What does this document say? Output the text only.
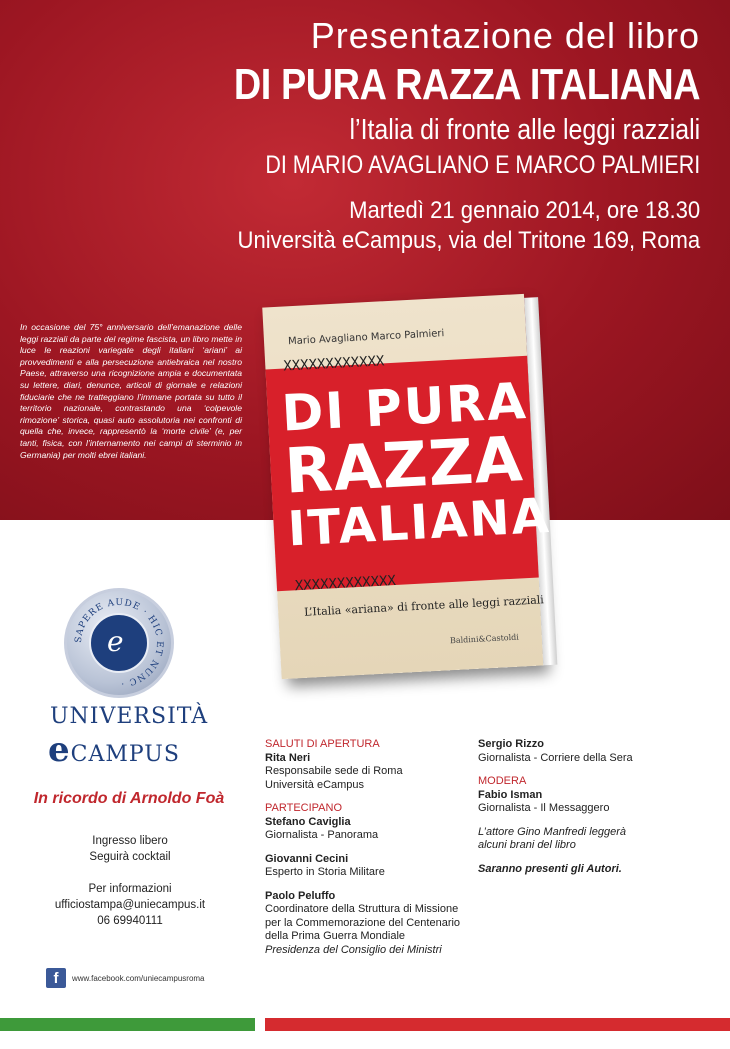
Presentazione del libro
DI PURA RAZZA ITALIANA
l’Italia di fronte alle leggi razziali
DI MARIO AVAGLIANO E MARCO PALMIERI
Martedì 21 gennaio 2014, ore 18.30
Università eCampus, via del Tritone 169, Roma
In occasione del 75° anniversario dell’emanazione delle leggi razziali da parte del regime fascista, un libro mette in luce le reazioni variegate degli italiani ‘ariani’ ai provvedimenti e alla persecuzione antiebraica nel nostro Paese, attraverso una ricognizione ampia e documentata su lettere, diari, denunce, articoli di giornale e relazioni fiduciarie che ne tratteggiano l’immane portata su tutto il territorio nazionale, contrastando una ‘colpevole rimozione’ storica, quasi auto assolutoria nei confronti di quella che, invece, rappresentò la ‘morte civile’ (e, per tanti, fisica, con l’internamento nei campi di sterminio in Germania) per molti ebrei italiani.
Mario Avagliano Marco Palmieri
XXXXXXXXXXXX
DI PURA
RAZZA
ITALIANA
XXXXXXXXXXXX
L’Italia «ariana» di fronte alle leggi razziali
Baldini&Castoldi
SAPERE AUDE · HIC ET NUNC ·
ℯ
UNIVERSITÀ
eCAMPUS
In ricordo di Arnoldo Foà
Ingresso libero
Seguirà cocktail
Per informazioni
ufficiostampa@uniecampus.it
06 69940111
f	www.facebook.com/uniecampusroma
SALUTI DI APERTURA
Rita Neri
Responsabile sede di Roma
Università eCampus
PARTECIPANO
Stefano Caviglia
Giornalista - Panorama
Giovanni Cecini
Esperto in Storia Militare
Paolo Peluffo
Coordinatore della Struttura di Missione
per la Commemorazione del Centenario
della Prima Guerra Mondiale
Presidenza del Consiglio dei Ministri
Sergio Rizzo
Giornalista - Corriere della Sera
MODERA
Fabio Isman
Giornalista - Il Messaggero
L’attore Gino Manfredi leggerà
alcuni brani del libro
Saranno presenti gli Autori.
